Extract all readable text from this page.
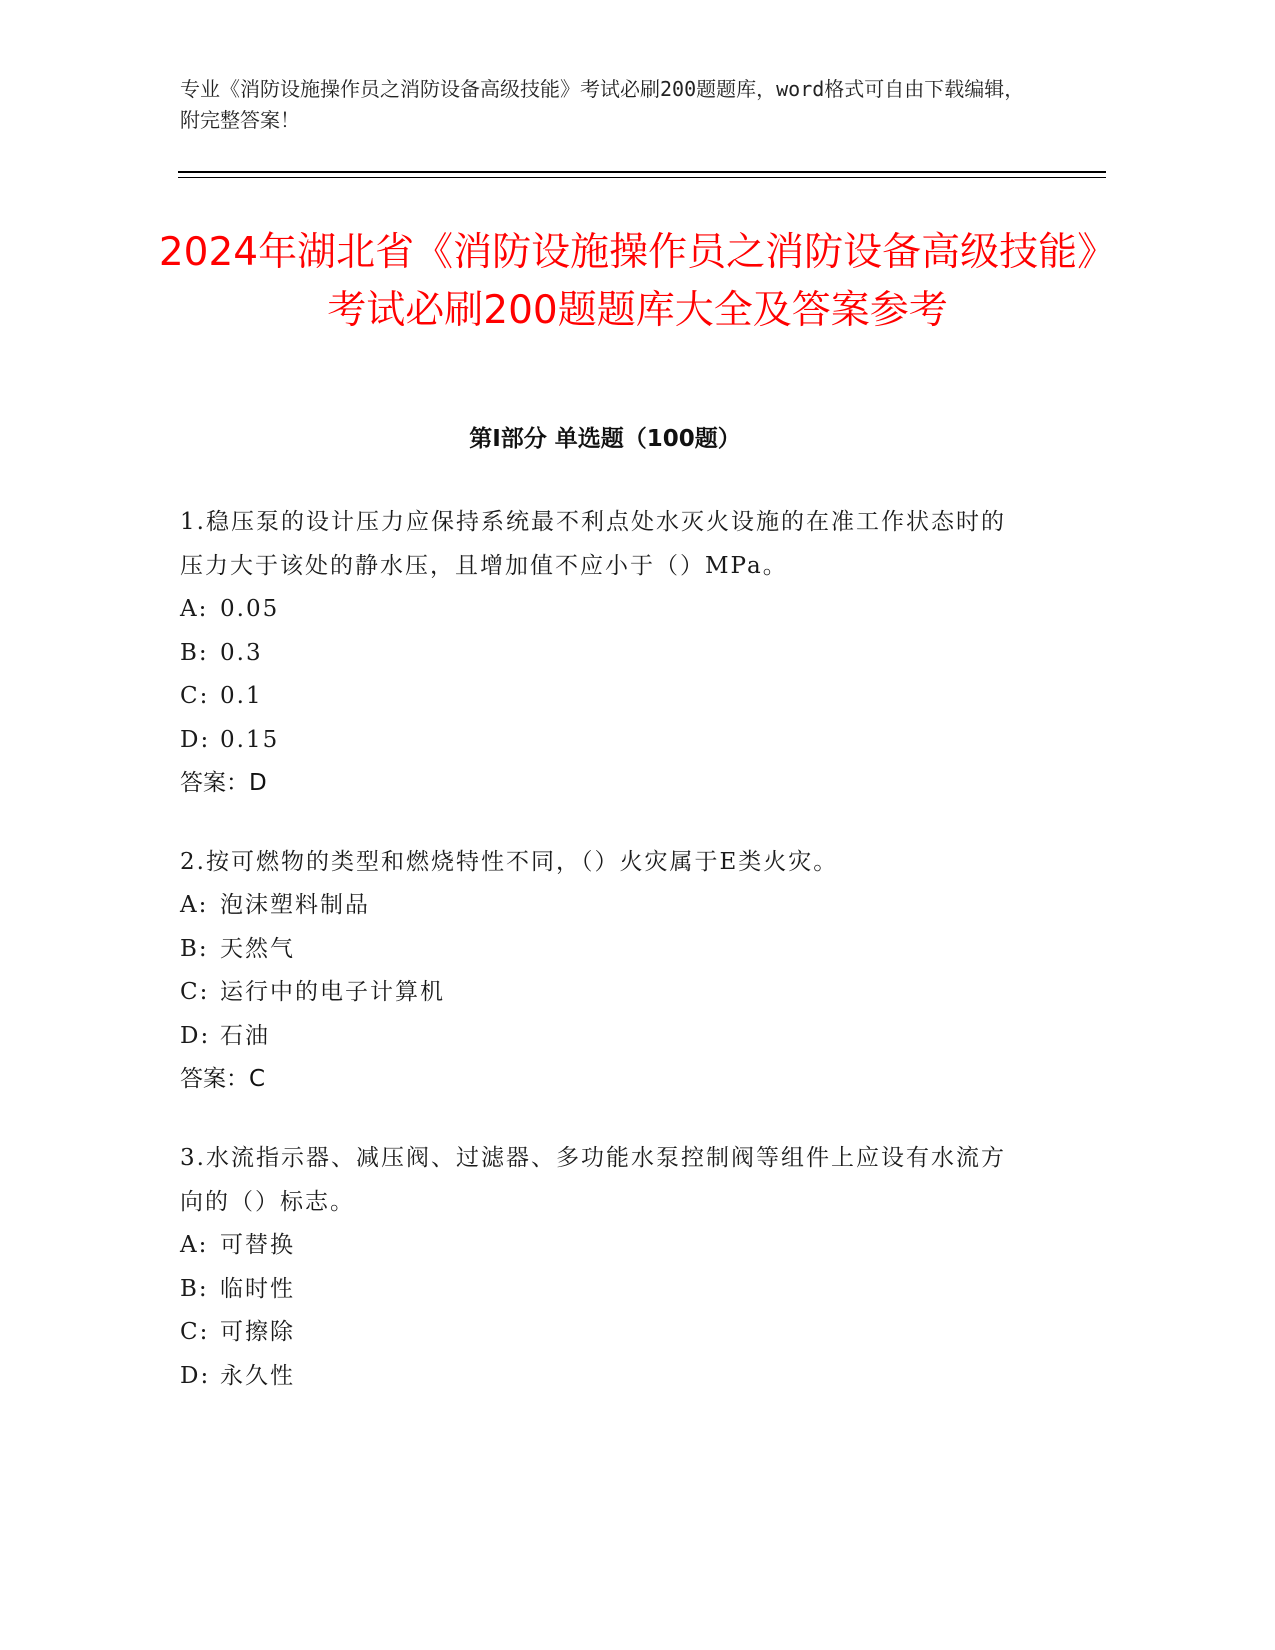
专业《消防设施操作员之消防设备高级技能》考试必刷200题题库，word格式可自由下载编辑，附完整答案！
2024年湖北省《消防设施操作员之消防设备高级技能》考试必刷200题题库大全及答案参考
第I部分 单选题（100题）
1.稳压泵的设计压力应保持系统最不利点处水灭火设施的在准工作状态时的压力大于该处的静水压，且增加值不应小于（）MPa。
A: 0.05
B: 0.3
C: 0.1
D: 0.15
答案：D
2.按可燃物的类型和燃烧特性不同，（）火灾属于E类火灾。
A: 泡沫塑料制品
B: 天然气
C: 运行中的电子计算机
D: 石油
答案：C
3.水流指示器、减压阀、过滤器、多功能水泵控制阀等组件上应设有水流方向的（）标志。
A: 可替换
B: 临时性
C: 可擦除
D: 永久性
